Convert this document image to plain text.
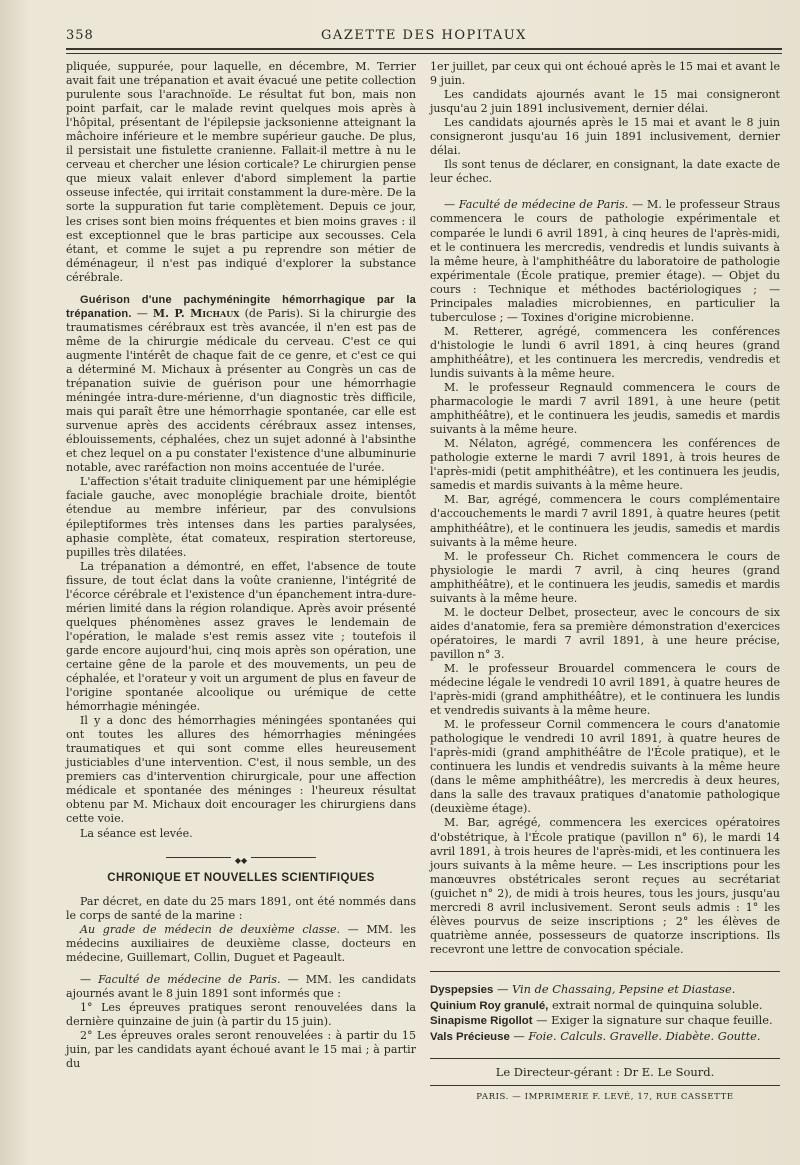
358	GAZETTE DES HOPITAUX

pliquée, suppurée, pour laquelle, en décembre, M. Terrier avait fait une trépanation et avait évacué une petite collection purulente sous l'arachnoïde. Le résultat fut bon, mais non point parfait, car le malade revint quelques mois après à l'hôpital, présentant de l'épilepsie jacksonienne atteignant la mâchoire inférieure et le membre supérieur gauche. De plus, il persistait une fistulette cranienne. Fallait-il mettre à nu le cerveau et chercher une lésion corticale? Le chirurgien pense que mieux valait enlever d'abord simplement la partie osseuse infectée, qui irritait constamment la dure-mère. De la sorte la suppuration fut tarie complètement. Depuis ce jour, les crises sont bien moins fréquentes et bien moins graves : il est exceptionnel que le bras participe aux secousses. Cela étant, et comme le sujet a pu reprendre son métier de déménageur, il n'est pas indiqué d'explorer la substance cérébrale.

Guérison d'une pachyméningite hémorrhagique par la trépanation. — M. P. Michaux (de Paris). Si la chirurgie des traumatismes cérébraux est très avancée, il n'en est pas de même de la chirurgie médicale du cerveau. C'est ce qui augmente l'intérêt de chaque fait de ce genre, et c'est ce qui a déterminé M. Michaux à présenter au Congrès un cas de trépanation suivie de guérison pour une hémorrhagie méningée intra-dure-mérienne, d'un diagnostic très difficile, mais qui paraît être une hémorrhagie spontanée, car elle est survenue après des accidents cérébraux assez intenses, éblouissements, céphalées, chez un sujet adonné à l'absinthe et chez lequel on a pu constater l'existence d'une albuminurie notable, avec raréfaction non moins accentuée de l'urée.

L'affection s'était traduite cliniquement par une hémiplégie faciale gauche, avec monoplégie brachiale droite, bientôt étendue au membre inférieur, par des convulsions épileptiformes très intenses dans les parties paralysées, aphasie complète, état comateux, respiration stertoreuse, pupilles très dilatées.

La trépanation a démontré, en effet, l'absence de toute fissure, de tout éclat dans la voûte cranienne, l'intégrité de l'écorce cérébrale et l'existence d'un épanchement intra-dure-mérien limité dans la région rolandique. Après avoir présenté quelques phénomènes assez graves le lendemain de l'opération, le malade s'est remis assez vite ; toutefois il garde encore aujourd'hui, cinq mois après son opération, une certaine gêne de la parole et des mouvements, un peu de céphalée, et l'orateur y voit un argument de plus en faveur de l'origine spontanée alcoolique ou urémique de cette hémorrhagie méningée.

Il y a donc des hémorrhagies méningées spontanées qui ont toutes les allures des hémorrhagies méningées traumatiques et qui sont comme elles heureusement justiciables d'une intervention. C'est, il nous semble, un des premiers cas d'intervention chirurgicale, pour une affection médicale et spontanée des méninges : l'heureux résultat obtenu par M. Michaux doit encourager les chirurgiens dans cette voie.

La séance est levée.

◆◆
CHRONIQUE ET NOUVELLES SCIENTIFIQUES

Par décret, en date du 25 mars 1891, ont été nommés dans le corps de santé de la marine :

Au grade de médecin de deuxième classe. — MM. les médecins auxiliaires de deuxième classe, docteurs en médecine, Guillemart, Collin, Duguet et Pageault.

— Faculté de médecine de Paris. — MM. les candidats ajournés avant le 8 juin 1891 sont informés que :

1° Les épreuves pratiques seront renouvelées dans la dernière quinzaine de juin (à partir du 15 juin).

2° Les épreuves orales seront renouvelées : à partir du 15 juin, par les candidats ayant échoué avant le 15 mai ; à partir du

1er juillet, par ceux qui ont échoué après le 15 mai et avant le 9 juin.

Les candidats ajournés avant le 15 mai consigneront jusqu'au 2 juin 1891 inclusivement, dernier délai.

Les candidats ajournés après le 15 mai et avant le 8 juin consigneront jusqu'au 16 juin 1891 inclusivement, dernier délai.

Ils sont tenus de déclarer, en consignant, la date exacte de leur échec.

— Faculté de médecine de Paris. — M. le professeur Straus commencera le cours de pathologie expérimentale et comparée le lundi 6 avril 1891, à cinq heures de l'après-midi, et le continuera les mercredis, vendredis et lundis suivants à la même heure, à l'amphithéâtre du laboratoire de pathologie expérimentale (École pratique, premier étage). — Objet du cours : Technique et méthodes bactériologiques ; — Principales maladies microbiennes, en particulier la tuberculose ; — Toxines d'origine microbienne.

M. Retterer, agrégé, commencera les conférences d'histologie le lundi 6 avril 1891, à cinq heures (grand amphithéâtre), et les continuera les mercredis, vendredis et lundis suivants à la même heure.

M. le professeur Regnauld commencera le cours de pharmacologie le mardi 7 avril 1891, à une heure (petit amphithéâtre), et le continuera les jeudis, samedis et mardis suivants à la même heure.

M. Nélaton, agrégé, commencera les conférences de pathologie externe le mardi 7 avril 1891, à trois heures de l'après-midi (petit amphithéâtre), et les continuera les jeudis, samedis et mardis suivants à la même heure.

M. Bar, agrégé, commencera le cours complémentaire d'accouchements le mardi 7 avril 1891, à quatre heures (petit amphithéâtre), et le continuera les jeudis, samedis et mardis suivants à la même heure.

M. le professeur Ch. Richet commencera le cours de physiologie le mardi 7 avril, à cinq heures (grand amphithéâtre), et le continuera les jeudis, samedis et mardis suivants à la même heure.

M. le docteur Delbet, prosecteur, avec le concours de six aides d'anatomie, fera sa première démonstration d'exercices opératoires, le mardi 7 avril 1891, à une heure précise, pavillon n° 3.

M. le professeur Brouardel commencera le cours de médecine légale le vendredi 10 avril 1891, à quatre heures de l'après-midi (grand amphithéâtre), et le continuera les lundis et vendredis suivants à la même heure.

M. le professeur Cornil commencera le cours d'anatomie pathologique le vendredi 10 avril 1891, à quatre heures de l'après-midi (grand amphithéâtre de l'École pratique), et le continuera les lundis et vendredis suivants à la même heure (dans le même amphithéâtre), les mercredis à deux heures, dans la salle des travaux pratiques d'anatomie pathologique (deuxième étage).

M. Bar, agrégé, commencera les exercices opératoires d'obstétrique, à l'École pratique (pavillon n° 6), le mardi 14 avril 1891, à trois heures de l'après-midi, et les continuera les jours suivants à la même heure. — Les inscriptions pour les manœuvres obstétricales seront reçues au secrétariat (guichet n° 2), de midi à trois heures, tous les jours, jusqu'au mercredi 8 avril inclusivement. Seront seuls admis : 1° les élèves pourvus de seize inscriptions ; 2° les élèves de quatrième année, possesseurs de quatorze inscriptions. Ils recevront une lettre de convocation spéciale.

Dyspepsies — Vin de Chassaing, Pepsine et Diastase.

Quinium Roy granulé, extrait normal de quinquina soluble.

Sinapisme Rigollot — Exiger la signature sur chaque feuille.

Vals Précieuse — Foie. Calculs. Gravelle. Diabète. Goutte.

Le Directeur-gérant : Dr E. Le Sourd.
PARIS. — IMPRIMERIE F. LEVÉ, 17, RUE CASSETTE
